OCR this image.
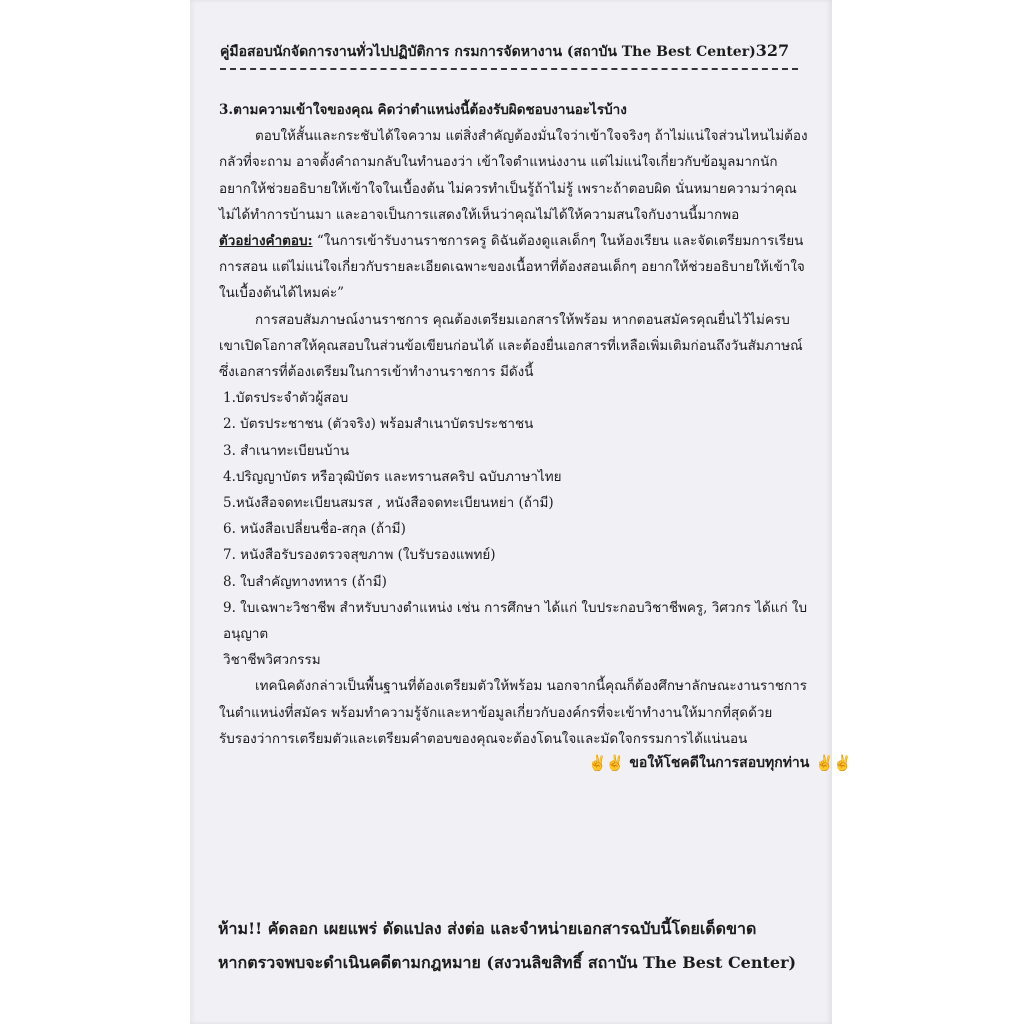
คู่มือสอบนักจัดการงานทั่วไปปฏิบัติการ กรมการจัดหางาน (สถาบัน The Best Center) 327

3.ตามความเข้าใจของคุณ คิดว่าตำแหน่งนี้ต้องรับผิดชอบงานอะไรบ้าง

ตอบให้สั้นและกระชับได้ใจความ แต่สิ่งสำคัญต้องมั่นใจว่าเข้าใจจริงๆ ถ้าไม่แน่ใจส่วนไหนไม่ต้องกลัวที่จะถาม อาจตั้งคำถามกลับในทำนองว่า เข้าใจตำแหน่งงาน แต่ไม่แน่ใจเกี่ยวกับข้อมูลมากนัก อยากให้ช่วยอธิบายให้เข้าใจในเบื้องต้น ไม่ควรทำเป็นรู้ถ้าไม่รู้ เพราะถ้าตอบผิด นั่นหมายความว่าคุณไม่ได้ทำการบ้านมา และอาจเป็นการแสดงให้เห็นว่าคุณไม่ได้ให้ความสนใจกับงานนี้มากพอ

ตัวอย่างคำตอบ: “ในการเข้ารับงานราชการครู ดิฉันต้องดูแลเด็กๆ ในห้องเรียน และจัดเตรียมการเรียนการสอน แต่ไม่แน่ใจเกี่ยวกับรายละเอียดเฉพาะของเนื้อหาที่ต้องสอนเด็กๆ อยากให้ช่วยอธิบายให้เข้าใจในเบื้องต้นได้ไหมค่ะ”

การสอบสัมภาษณ์งานราชการ คุณต้องเตรียมเอกสารให้พร้อม หากตอนสมัครคุณยื่นไว้ไม่ครบ เขาเปิดโอกาสให้คุณสอบในส่วนข้อเขียนก่อนได้ และต้องยื่นเอกสารที่เหลือเพิ่มเติมก่อนถึงวันสัมภาษณ์ ซึ่งเอกสารที่ต้องเตรียมในการเข้าทำงานราชการ มีดังนี้

1.บัตรประจำตัวผู้สอบ
2. บัตรประชาชน (ตัวจริง) พร้อมสำเนาบัตรประชาชน
3. สำเนาทะเบียนบ้าน
4.ปริญญาบัตร หรือวุฒิบัตร และทรานสคริป ฉบับภาษาไทย
5.หนังสือจดทะเบียนสมรส , หนังสือจดทะเบียนหย่า (ถ้ามี)
6. หนังสือเปลี่ยนชื่อ-สกุล (ถ้ามี)
7. หนังสือรับรองตรวจสุขภาพ (ใบรับรองแพทย์)
8. ใบสำคัญทางทหาร (ถ้ามี)
9. ใบเฉพาะวิชาชีพ สำหรับบางตำแหน่ง เช่น การศึกษา ได้แก่ ใบประกอบวิชาชีพครู, วิศวกร ได้แก่ ใบอนุญาต
วิชาชีพวิศวกรรม

เทคนิคดังกล่าวเป็นพื้นฐานที่ต้องเตรียมตัวให้พร้อม นอกจากนี้คุณก็ต้องศึกษาลักษณะงานราชการในตำแหน่งที่สมัคร พร้อมทำความรู้จักและหาข้อมูลเกี่ยวกับองค์กรที่จะเข้าทำงานให้มากที่สุดด้วย รับรองว่าการเตรียมตัวและเตรียมคำตอบของคุณจะต้องโดนใจและมัดใจกรรมการได้แน่นอน

✌✌ ขอให้โชคดีในการสอบทุกท่าน ✌✌

ห้าม!! คัดลอก เผยแพร่ ดัดแปลง ส่งต่อ และจำหน่ายเอกสารฉบับนี้โดยเด็ดขาด

หากตรวจพบจะดำเนินคดีตามกฎหมาย (สงวนลิขสิทธิ์ สถาบัน The Best Center)
